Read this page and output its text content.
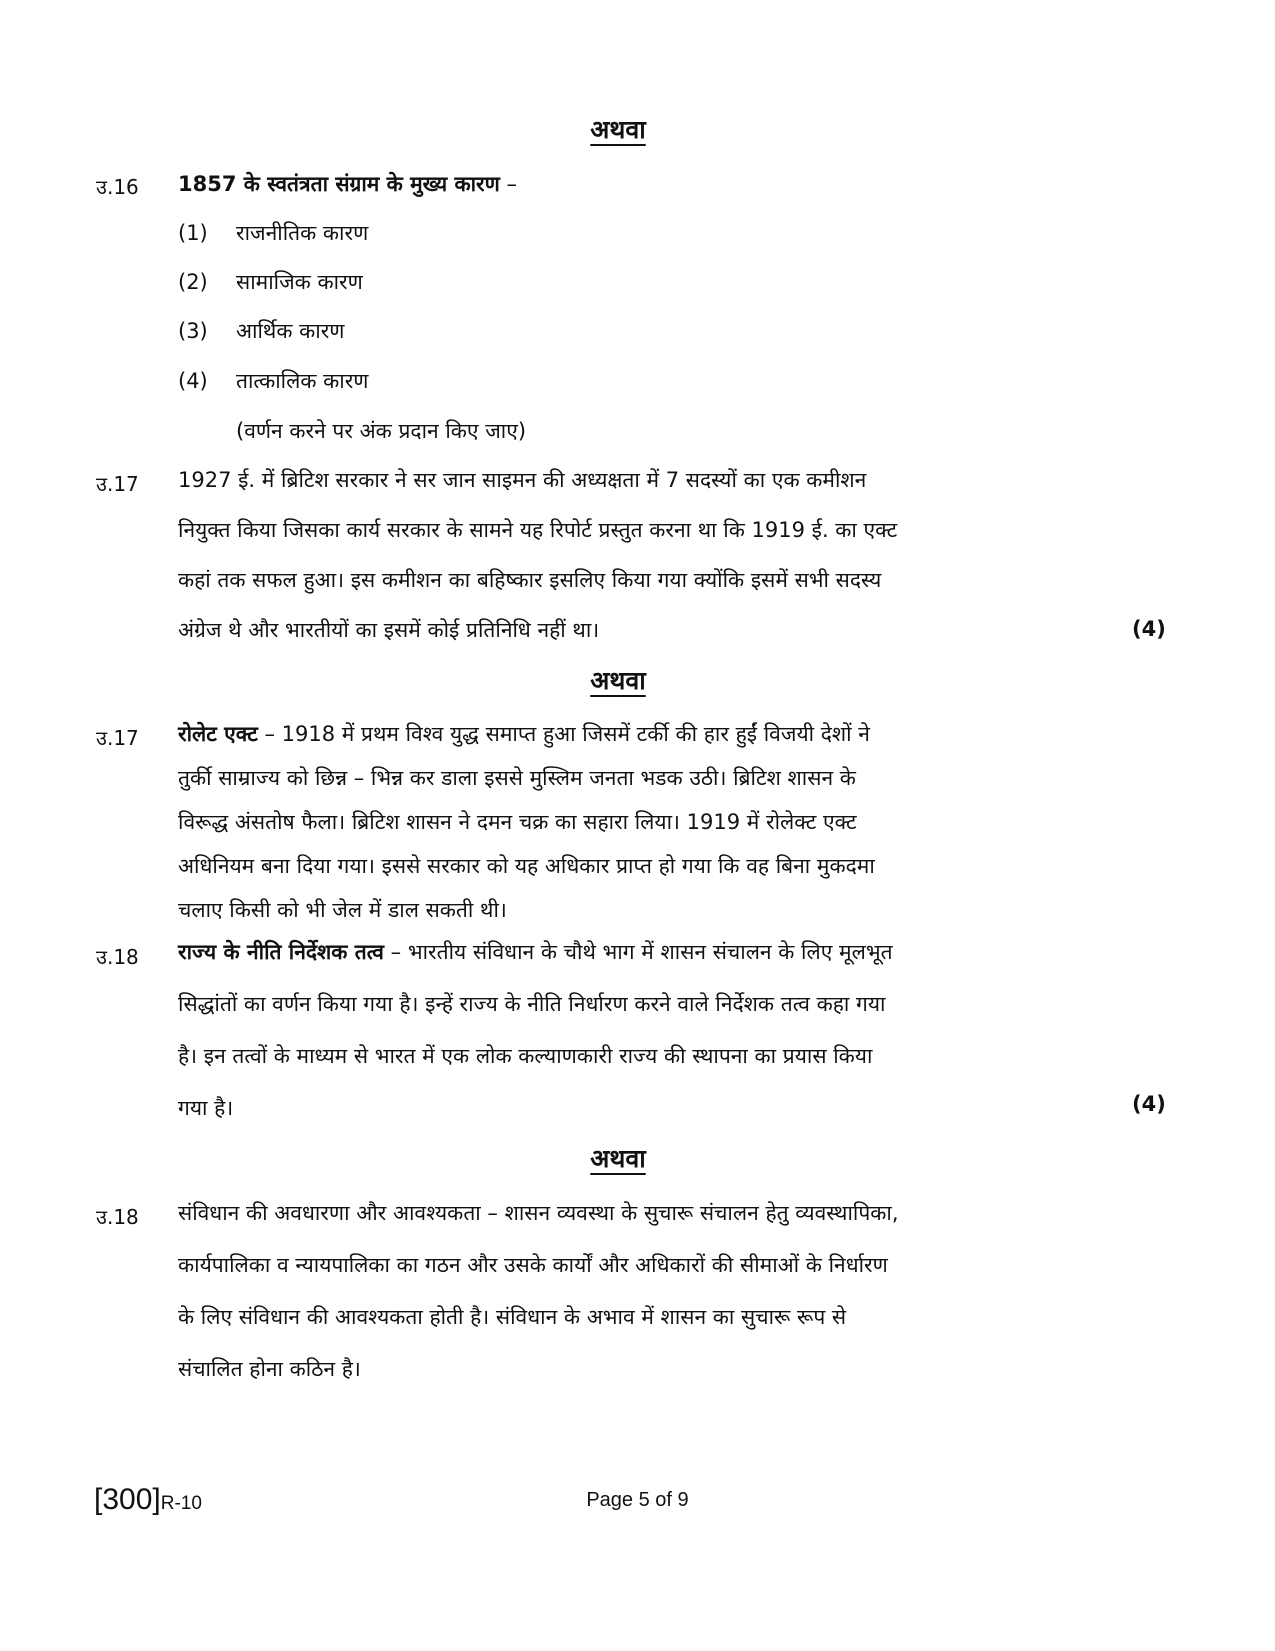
अथवा
उ.16 1857 के स्वतंत्रता संग्राम के मुख्य कारण –
(1) राजनीतिक कारण
(2) सामाजिक कारण
(3) आर्थिक कारण
(4) तात्कालिक कारण
(वर्णन करने पर अंक प्रदान किए जाए)
उ.17 1927 ई. में ब्रिटिश सरकार ने सर जान साइमन की अध्यक्षता में 7 सदस्यों का एक कमीशन
नियुक्त किया जिसका कार्य सरकार के सामने यह रिपोर्ट प्रस्तुत करना था कि 1919 ई. का एक्ट
कहां तक सफल हुआ। इस कमीशन का बहिष्कार इसलिए किया गया क्योंकि इसमें सभी सदस्य
अंग्रेज थे और भारतीयों का इसमें कोई प्रतिनिधि नहीं था।	(4)
अथवा
उ.17 रोलेट एक्ट – 1918 में प्रथम विश्व युद्ध समाप्त हुआ जिसमें टर्की की हार हुईं विजयी देशों ने
तुर्की साम्राज्य को छिन्न – भिन्न कर डाला इससे मुस्लिम जनता भडक उठी। ब्रिटिश शासन के
विरूद्ध अंसतोष फैला। ब्रिटिश शासन ने दमन चक्र का सहारा लिया। 1919 में रोलेक्ट एक्ट
अधिनियम बना दिया गया। इससे सरकार को यह अधिकार प्राप्त हो गया कि वह बिना मुकदमा
चलाए किसी को भी जेल में डाल सकती थी।
उ.18 राज्य के नीति निर्देशक तत्व – भारतीय संविधान के चौथे भाग में शासन संचालन के लिए मूलभूत
सिद्धांतों का वर्णन किया गया है। इन्हें राज्य के नीति निर्धारण करने वाले निर्देशक तत्व कहा गया
है। इन तत्वों के माध्यम से भारत में एक लोक कल्याणकारी राज्य की स्थापना का प्रयास किया
गया है।	(4)
अथवा
उ.18 संविधान की अवधारणा और आवश्यकता – शासन व्यवस्था के सुचारू संचालन हेतु व्यवस्थापिका,
कार्यपालिका व न्यायपालिका का गठन और उसके कार्यों और अधिकारों की सीमाओं के निर्धारण
के लिए संविधान की आवश्यकता होती है। संविधान के अभाव में शासन का सुचारू रूप से
संचालित होना कठिन है।
[300]R-10	Page 5 of 9
